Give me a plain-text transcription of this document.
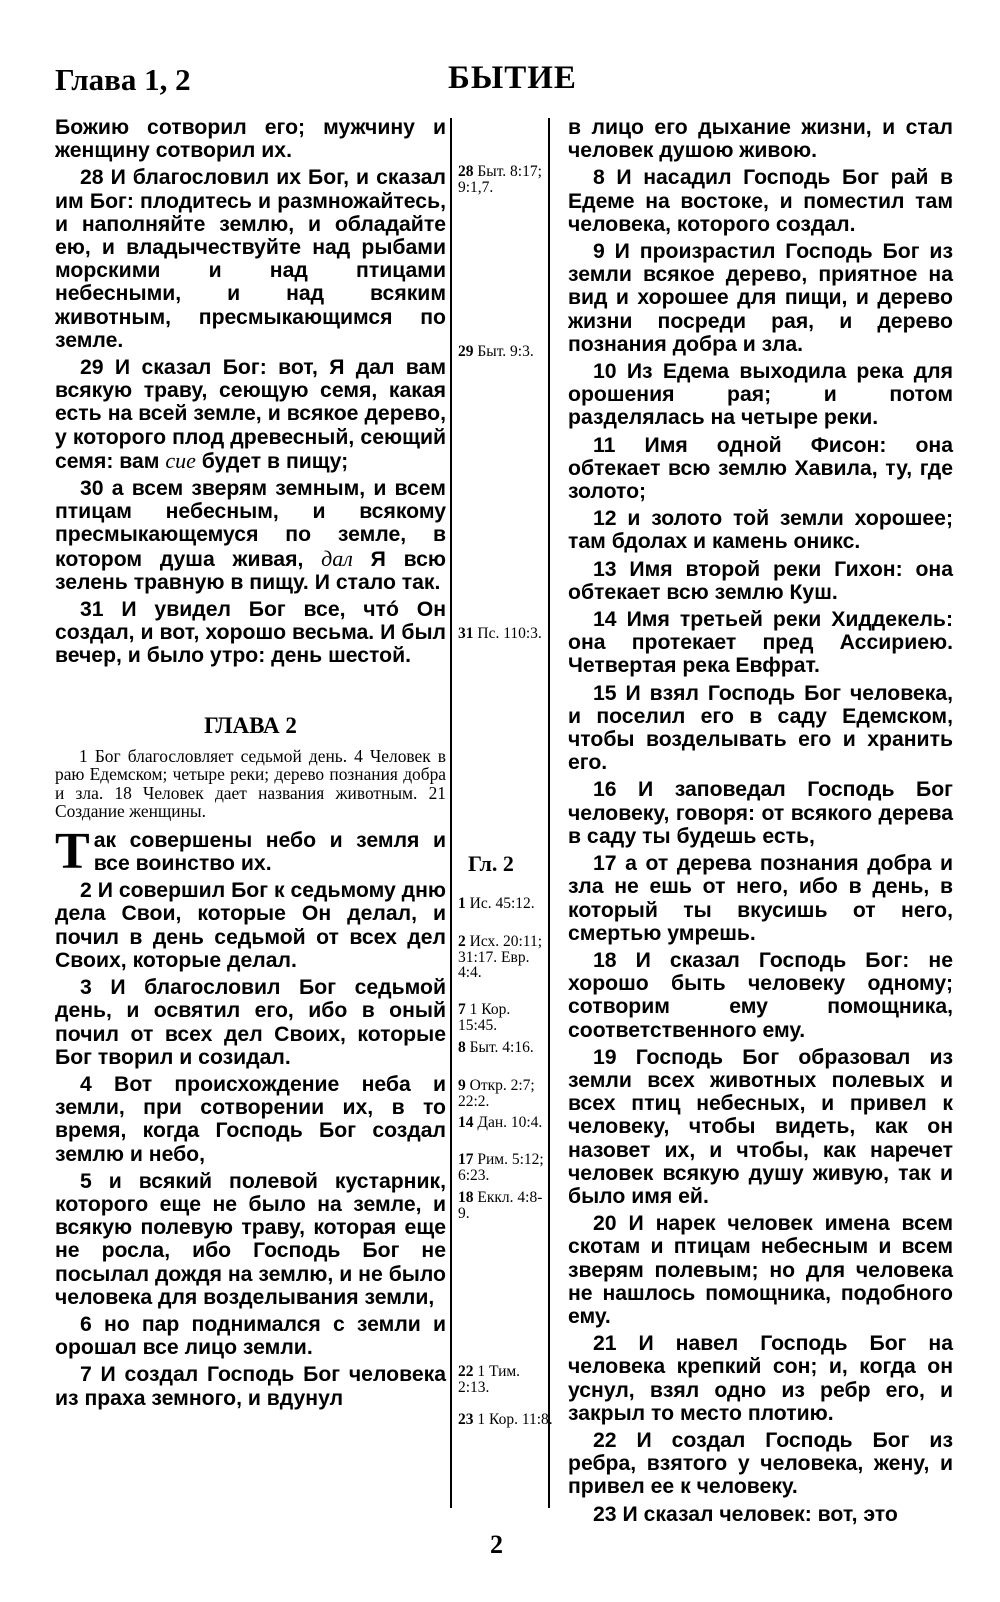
Глава 1, 2	БЫТИЕ

Божию сотворил его; мужчину и женщину сотворил их.

28 И благословил их Бог, и сказал им Бог: плодитесь и размножайтесь, и наполняйте землю, и обладайте ею, и владычествуйте над рыбами морскими и над птицами небесными, и над всяким животным, пресмыкающимся по земле.

29 И сказал Бог: вот, Я дал вам всякую траву, сеющую семя, какая есть на всей земле, и всякое дерево, у которого плод древесный, сеющий семя: вам сие будет в пищу;

30 а всем зверям земным, и всем птицам небесным, и всякому пресмыкающемуся по земле, в котором душа живая, дал Я всю зелень травную в пищу. И стало так.

31 И увидел Бог все, чтó Он создал, и вот, хорошо весьма. И был вечер, и было утро: день шестой.

ГЛАВА 2

1 Бог благословляет седьмой день. 4 Человек в раю Едемском; четыре реки; дерево познания добра и зла. 18 Человек дает названия животным. 21 Создание женщины.

Т ак совершены небо и земля и все воинство их.

2 И совершил Бог к седьмому дню дела Свои, которые Он делал, и почил в день седьмой от всех дел Своих, которые делал.

3 И благословил Бог седьмой день, и освятил его, ибо в оный почил от всех дел Своих, которые Бог творил и созидал.

4 Вот происхождение неба и земли, при сотворении их, в то время, когда Господь Бог создал землю и небо,

5 и всякий полевой кустарник, которого еще не было на земле, и всякую полевую траву, которая еще не росла, ибо Господь Бог не посылал дождя на землю, и не было человека для возделывания земли,

6 но пар поднимался с земли и орошал все лицо земли.

7 И создал Господь Бог человека из праха земного, и вдунул

28 Быт. 8:17; 9:1,7.
29 Быт. 9:3.
31 Пс. 110:3.
Гл. 2
1 Ис. 45:12.
2 Исх. 20:11; 31:17. Евр. 4:4.
7 1 Кор. 15:45.
8 Быт. 4:16.
9 Откр. 2:7; 22:2.
14 Дан. 10:4.
17 Рим. 5:12; 6:23.
18 Еккл. 4:8-9.
22 1 Тим. 2:13.
23 1 Кор. 11:8.

в лицо его дыхание жизни, и стал человек душою живою.

8 И насадил Господь Бог рай в Едеме на востоке, и поместил там человека, которого создал.

9 И произрастил Господь Бог из земли всякое дерево, приятное на вид и хорошее для пищи, и дерево жизни посреди рая, и дерево познания добра и зла.

10 Из Едема выходила река для орошения рая; и потом разделялась на четыре реки.

11 Имя одной Фисон: она обтекает всю землю Хавила, ту, где золото;

12 и золото той земли хорошее; там бдолах и камень оникс.

13 Имя второй реки Гихон: она обтекает всю землю Куш.

14 Имя третьей реки Хиддекель: она протекает пред Ассириею. Четвертая река Евфрат.

15 И взял Господь Бог человека, и поселил его в саду Едемском, чтобы возделывать его и хранить его.

16 И заповедал Господь Бог человеку, говоря: от всякого дерева в саду ты будешь есть,

17 а от дерева познания добра и зла не ешь от него, ибо в день, в который ты вкусишь от него, смертью умрешь.

18 И сказал Господь Бог: не хорошо быть человеку одному; сотворим ему помощника, соответственного ему.

19 Господь Бог образовал из земли всех животных полевых и всех птиц небесных, и привел к человеку, чтобы видеть, как он назовет их, и чтобы, как наречет человек всякую душу живую, так и было имя ей.

20 И нарек человек имена всем скотам и птицам небесным и всем зверям полевым; но для человека не нашлось помощника, подобного ему.

21 И навел Господь Бог на человека крепкий сон; и, когда он уснул, взял одно из ребр его, и закрыл то место плотию.

22 И создал Господь Бог из ребра, взятого у человека, жену, и привел ее к человеку.

23 И сказал человек: вот, это

2
